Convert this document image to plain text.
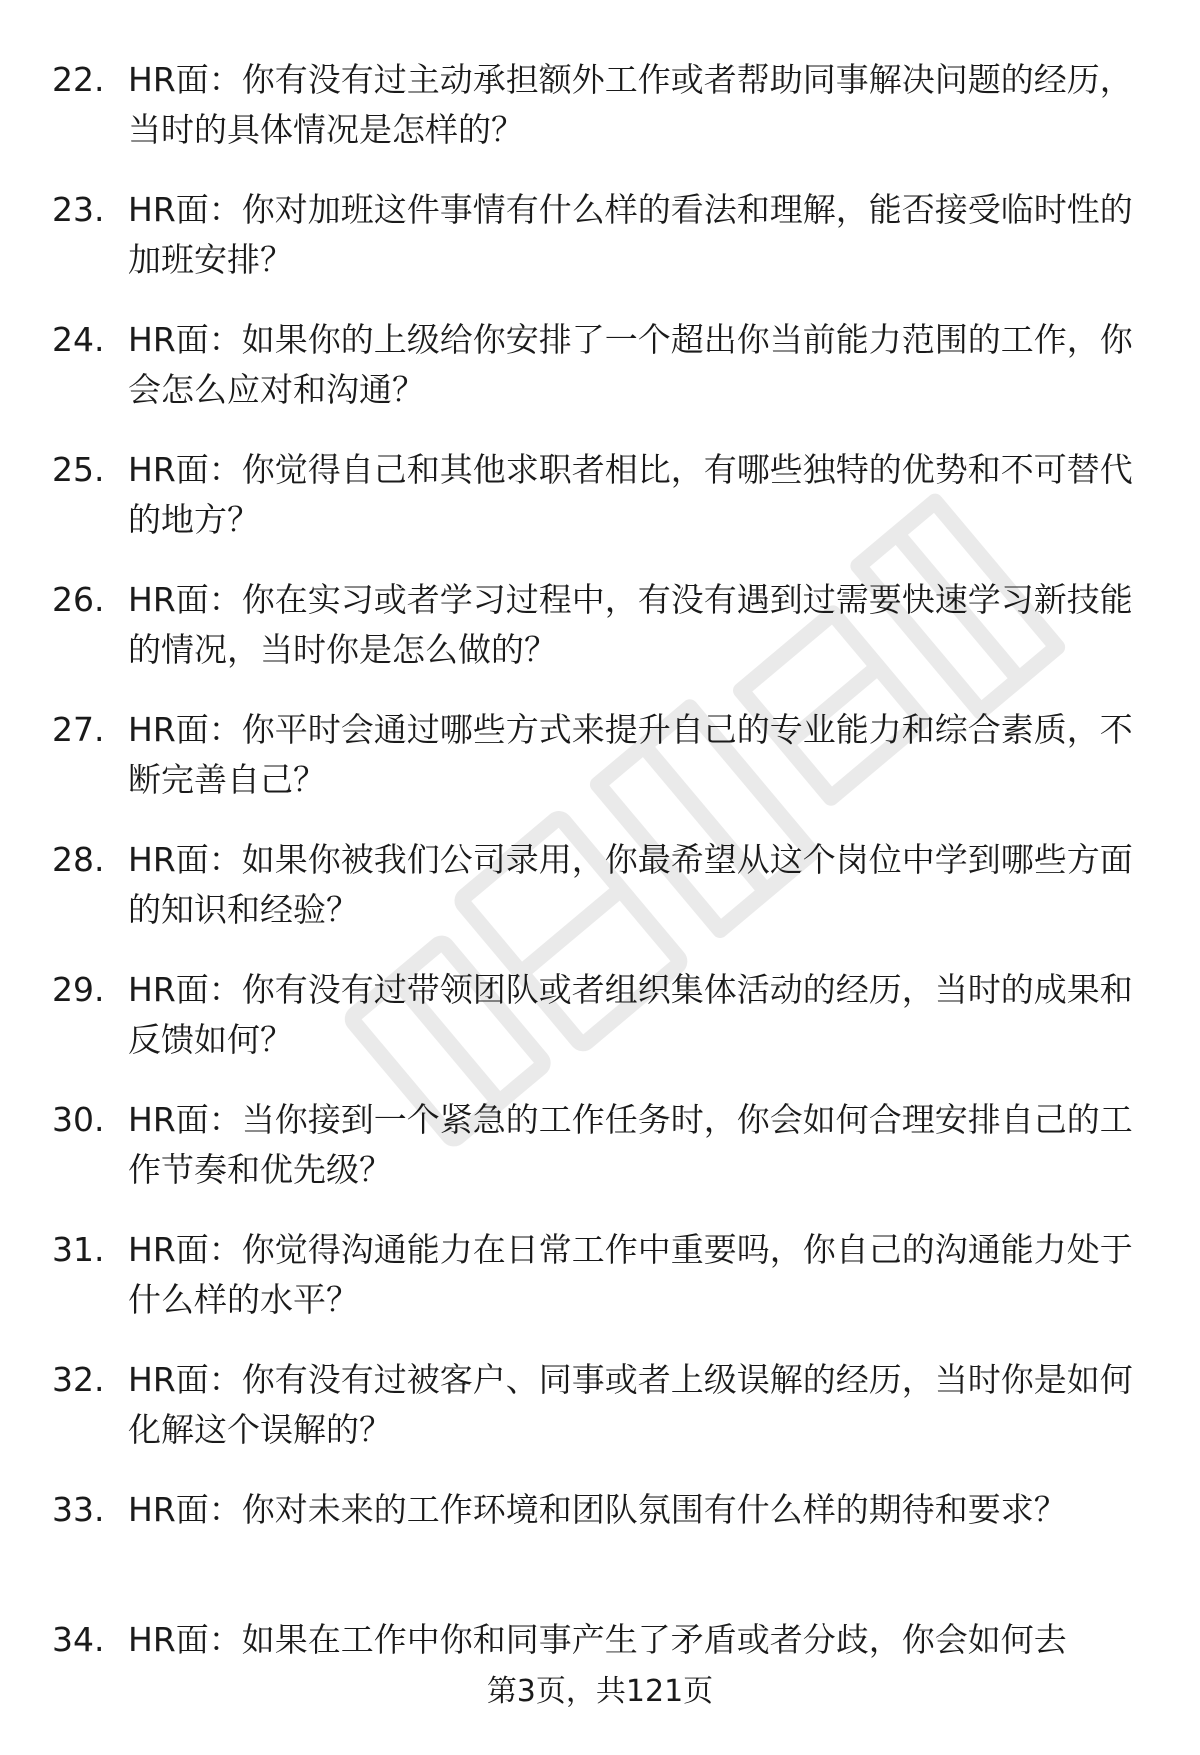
22. HR面：你有没有过主动承担额外工作或者帮助同事解决问题的经历，当时的具体情况是怎样的？
23. HR面：你对加班这件事情有什么样的看法和理解，能否接受临时性的加班安排？
24. HR面：如果你的上级给你安排了一个超出你当前能力范围的工作，你会怎么应对和沟通？
25. HR面：你觉得自己和其他求职者相比，有哪些独特的优势和不可替代的地方？
26. HR面：你在实习或者学习过程中，有没有遇到过需要快速学习新技能的情况，当时你是怎么做的？
27. HR面：你平时会通过哪些方式来提升自己的专业能力和综合素质，不断完善自己？
28. HR面：如果你被我们公司录用，你最希望从这个岗位中学到哪些方面的知识和经验？
29. HR面：你有没有过带领团队或者组织集体活动的经历，当时的成果和反馈如何？
30. HR面：当你接到一个紧急的工作任务时，你会如何合理安排自己的工作节奏和优先级？
31. HR面：你觉得沟通能力在日常工作中重要吗，你自己的沟通能力处于什么样的水平？
32. HR面：你有没有过被客户、同事或者上级误解的经历，当时你是如何化解这个误解的？
33. HR面：你对未来的工作环境和团队氛围有什么样的期待和要求？
34. HR面：如果在工作中你和同事产生了矛盾或者分歧，你会如何去
第3页，共121页
